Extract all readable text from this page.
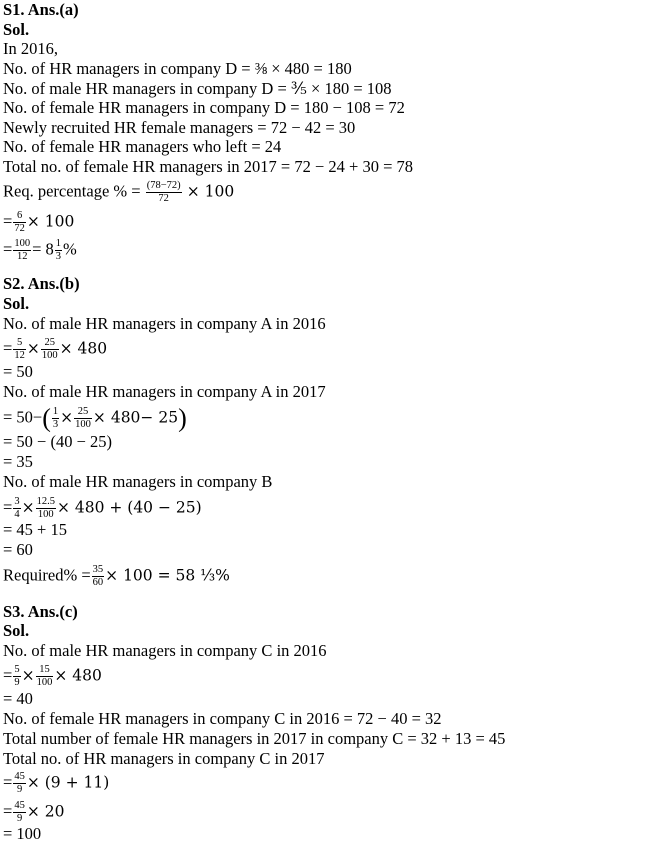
S1. Ans.(a)
Sol.
In 2016,
No. of HR managers in company D = ⅜ × 480 = 180
No. of male HR managers in company D = ⅗ × 180 = 108
No. of female HR managers in company D = 180 − 108 = 72
Newly recruited HR female managers = 72 − 42 = 30
No. of female HR managers who left = 24
Total no. of female HR managers in 2017 = 72 − 24 + 30 = 78
Req. percentage % = $\frac{(78-72)}{72} \times 100$
= $\frac{6}{72} \times 100$
= $\frac{100}{12} = 8 \frac{1}{3}$ %
S2. Ans.(b)
Sol.
No. of male HR managers in company A in 2016
= $\frac{5}{12} \times \frac{25}{100} \times 480$
= 50
No. of male HR managers in company A in 2017
= $50-( \frac{1}{3} \times \frac{25}{100} \times 480- 25)$
= 50 − (40 − 25)
= 35
No. of male HR managers in company B
= $\frac{3}{4} \times \frac{12.5}{100} \times 480 + (40 - 25)$
= 45 + 15
= 60
Required% = $\frac{35}{60} \times 100 = 58$ ⅓%
S3. Ans.(c)
Sol.
No. of male HR managers in company C in 2016
= $\frac{5}{9} \times \frac{15}{100} \times 480$
= 40
No. of female HR managers in company C in 2016 = 72 − 40 = 32
Total number of female HR managers in 2017 in company C = 32 + 13 = 45
Total no. of HR managers in company C in 2017
= $\frac{45}{9} \times (9 + 11)$
= $\frac{45}{9} \times 20$
= 100
